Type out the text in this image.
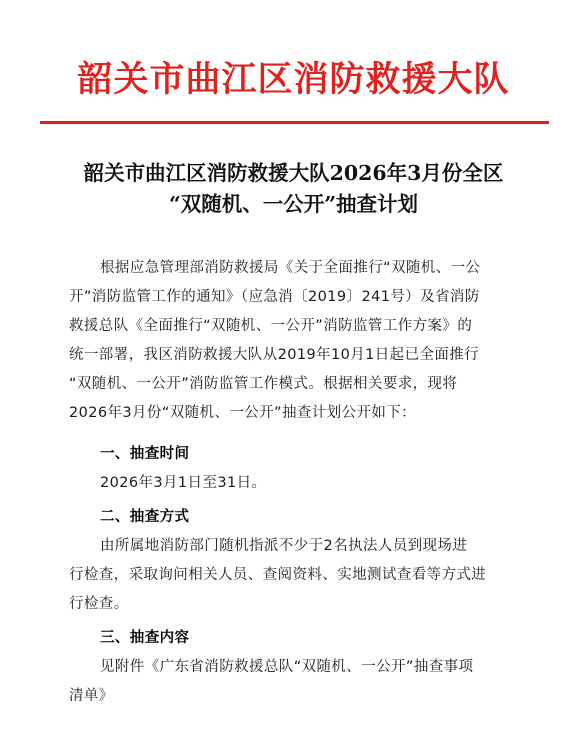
韶关市曲江区消防救援大队
韶关市曲江区消防救援大队2026年3月份全区
“双随机、一公开”抽查计划
根据应急管理部消防救援局《关于全面推行“双随机、一公
开”消防监管工作的通知》（应急消〔2019〕241号）及省消防
救援总队《全面推行“双随机、一公开”消防监管工作方案》的
统一部署，我区消防救援大队从2019年10月1日起已全面推行
“双随机、一公开”消防监管工作模式。根据相关要求，现将
2026年3月份“双随机、一公开”抽查计划公开如下：
一、抽查时间
2026年3月1日至31日。
二、抽查方式
由所属地消防部门随机指派不少于2名执法人员到现场进
行检查，采取询问相关人员、查阅资料、实地测试查看等方式进
行检查。
三、抽查内容
见附件《广东省消防救援总队“双随机、一公开”抽查事项
清单》
